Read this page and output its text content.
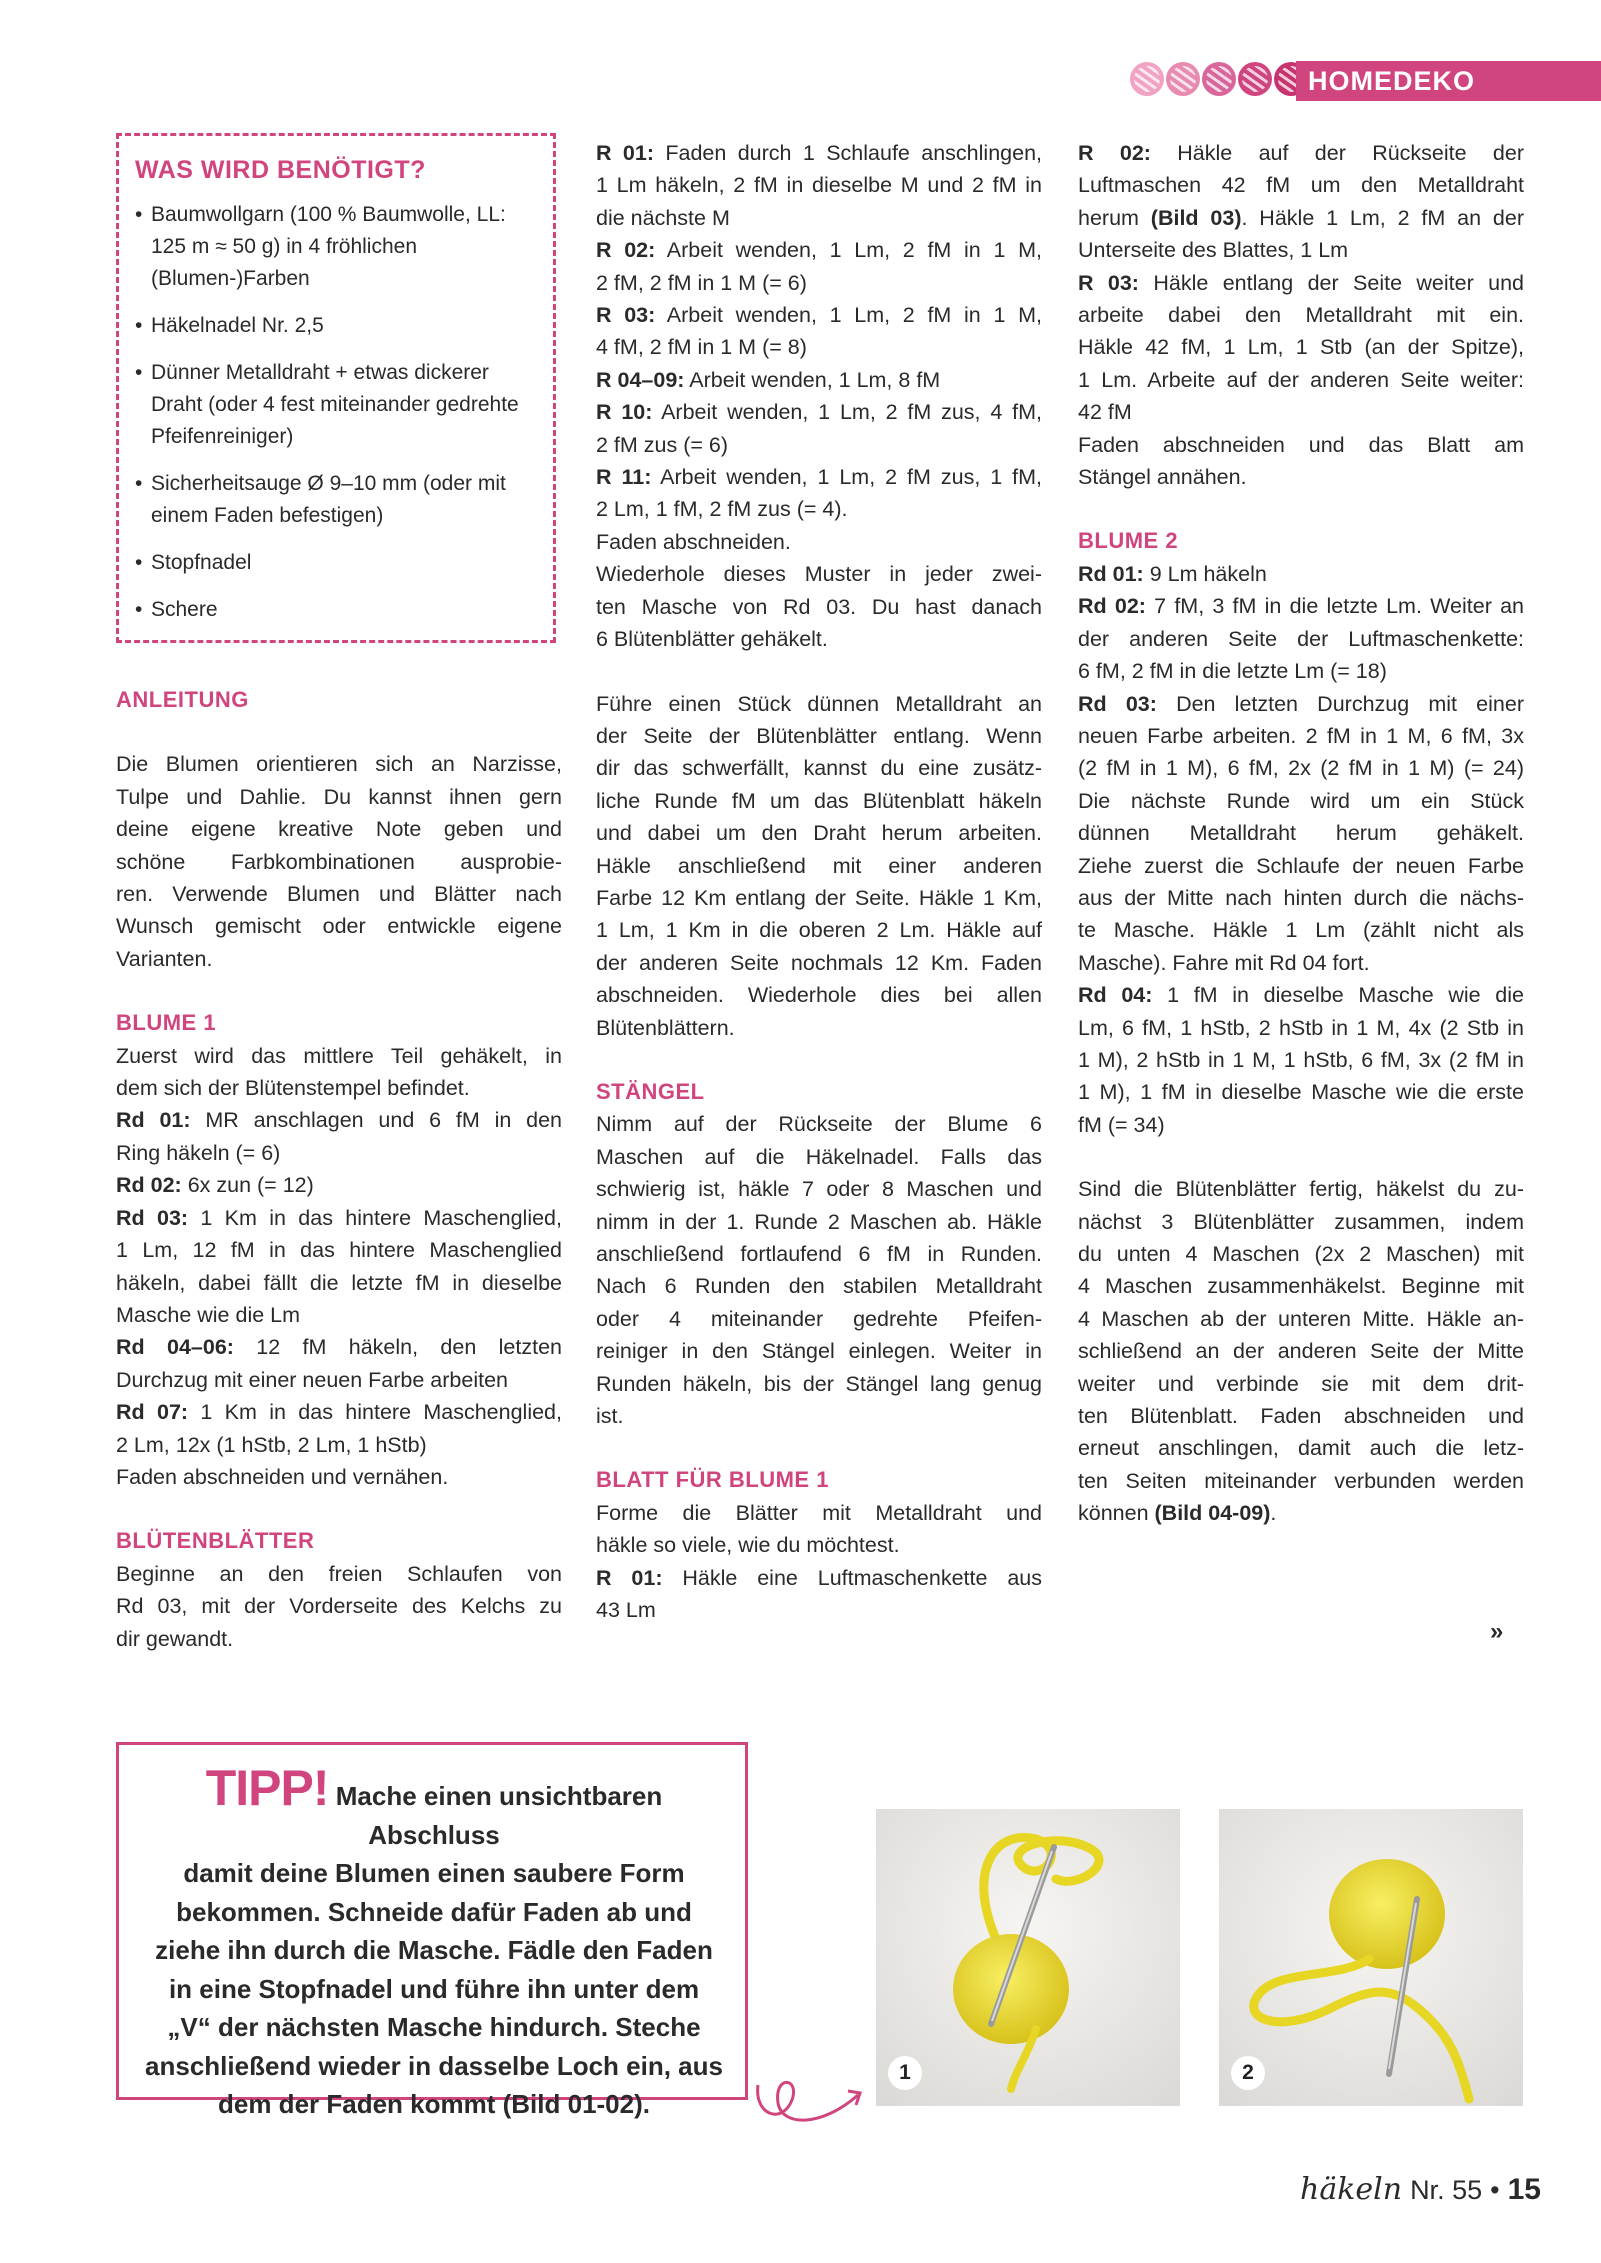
HOMEDEKO
WAS WIRD BENÖTIGT?
• Baumwollgarn (100 % Baumwolle, LL: 125 m ≈ 50 g) in 4 fröhlichen (Blumen-)Farben
• Häkelnadel Nr. 2,5
• Dünner Metalldraht + etwas dickerer Draht (oder 4 fest miteinander gedrehte Pfeifenreiniger)
• Sicherheitsauge Ø 9–10 mm (oder mit einem Faden befestigen)
• Stopfnadel
• Schere
ANLEITUNG
Die Blumen orientieren sich an Narzisse,
Tulpe und Dahlie. Du kannst ihnen gern
deine eigene kreative Note geben und
schöne Farbkombinationen ausprobie-
ren. Verwende Blumen und Blätter nach
Wunsch gemischt oder entwickle eigene
Varianten.
BLUME 1
Zuerst wird das mittlere Teil gehäkelt, in
dem sich der Blütenstempel befindet.
Rd 01: MR anschlagen und 6 fM in den
Ring häkeln (= 6)
Rd 02: 6x zun (= 12)
Rd 03: 1 Km in das hintere Maschenglied,
1 Lm, 12 fM in das hintere Maschenglied
häkeln, dabei fällt die letzte fM in dieselbe
Masche wie die Lm
Rd 04–06: 12 fM häkeln, den letzten
Durchzug mit einer neuen Farbe arbeiten
Rd 07: 1 Km in das hintere Maschenglied,
2 Lm, 12x (1 hStb, 2 Lm, 1 hStb)
Faden abschneiden und vernähen.
BLÜTENBLÄTTER
Beginne an den freien Schlaufen von
Rd 03, mit der Vorderseite des Kelchs zu
dir gewandt.
R 01: Faden durch 1 Schlaufe anschlingen,
1 Lm häkeln, 2 fM in dieselbe M und 2 fM in
die nächste M
R 02: Arbeit wenden, 1 Lm, 2 fM in 1 M,
2 fM, 2 fM in 1 M (= 6)
R 03: Arbeit wenden, 1 Lm, 2 fM in 1 M,
4 fM, 2 fM in 1 M (= 8)
R 04–09: Arbeit wenden, 1 Lm, 8 fM
R 10: Arbeit wenden, 1 Lm, 2 fM zus, 4 fM,
2 fM zus (= 6)
R 11: Arbeit wenden, 1 Lm, 2 fM zus, 1 fM,
2 Lm, 1 fM, 2 fM zus (= 4).
Faden abschneiden.
Wiederhole dieses Muster in jeder zwei-
ten Masche von Rd 03. Du hast danach
6 Blütenblätter gehäkelt.
Führe einen Stück dünnen Metalldraht an
der Seite der Blütenblätter entlang. Wenn
dir das schwerfällt, kannst du eine zusätz-
liche Runde fM um das Blütenblatt häkeln
und dabei um den Draht herum arbeiten.
Häkle anschließend mit einer anderen
Farbe 12 Km entlang der Seite. Häkle 1 Km,
1 Lm, 1 Km in die oberen 2 Lm. Häkle auf
der anderen Seite nochmals 12 Km. Faden
abschneiden. Wiederhole dies bei allen
Blütenblättern.
STÄNGEL
Nimm auf der Rückseite der Blume 6
Maschen auf die Häkelnadel. Falls das
schwierig ist, häkle 7 oder 8 Maschen und
nimm in der 1. Runde 2 Maschen ab. Häkle
anschließend fortlaufend 6 fM in Runden.
Nach 6 Runden den stabilen Metalldraht
oder 4 miteinander gedrehte Pfeifen-
reiniger in den Stängel einlegen. Weiter in
Runden häkeln, bis der Stängel lang genug
ist.
BLATT FÜR BLUME 1
Forme die Blätter mit Metalldraht und
häkle so viele, wie du möchtest.
R 01: Häkle eine Luftmaschenkette aus
43 Lm
R 02: Häkle auf der Rückseite der
Luftmaschen 42 fM um den Metalldraht
herum (Bild 03). Häkle 1 Lm, 2 fM an der
Unterseite des Blattes, 1 Lm
R 03: Häkle entlang der Seite weiter und
arbeite dabei den Metalldraht mit ein.
Häkle 42 fM, 1 Lm, 1 Stb (an der Spitze),
1 Lm. Arbeite auf der anderen Seite weiter:
42 fM
Faden abschneiden und das Blatt am
Stängel annähen.
BLUME 2
Rd 01: 9 Lm häkeln
Rd 02: 7 fM, 3 fM in die letzte Lm. Weiter an
der anderen Seite der Luftmaschenkette:
6 fM, 2 fM in die letzte Lm (= 18)
Rd 03: Den letzten Durchzug mit einer
neuen Farbe arbeiten. 2 fM in 1 M, 6 fM, 3x
(2 fM in 1 M), 6 fM, 2x (2 fM in 1 M) (= 24)
Die nächste Runde wird um ein Stück
dünnen Metalldraht herum gehäkelt.
Ziehe zuerst die Schlaufe der neuen Farbe
aus der Mitte nach hinten durch die nächs-
te Masche. Häkle 1 Lm (zählt nicht als
Masche). Fahre mit Rd 04 fort.
Rd 04: 1 fM in dieselbe Masche wie die
Lm, 6 fM, 1 hStb, 2 hStb in 1 M, 4x (2 Stb in
1 M), 2 hStb in 1 M, 1 hStb, 6 fM, 3x (2 fM in
1 M), 1 fM in dieselbe Masche wie die erste
fM (= 34)
Sind die Blütenblätter fertig, häkelst du zu-
nächst 3 Blütenblätter zusammen, indem
du unten 4 Maschen (2x 2 Maschen) mit
4 Maschen zusammenhäkelst. Beginne mit
4 Maschen ab der unteren Mitte. Häkle an-
schließend an der anderen Seite der Mitte
weiter und verbinde sie mit dem drit-
ten Blütenblatt. Faden abschneiden und
erneut anschlingen, damit auch die letz-
ten Seiten miteinander verbunden werden
können (Bild 04-09).
»
TIPP! Mache einen unsichtbaren Abschluss
damit deine Blumen einen saubere Form
bekommen. Schneide dafür Faden ab und
ziehe ihn durch die Masche. Fädle den Faden
in eine Stopfnadel und führe ihn unter dem
„V“ der nächsten Masche hindurch. Steche
anschließend wieder in dasselbe Loch ein, aus
dem der Faden kommt (Bild 01-02).
1	2
häkeln Nr. 55 • 15
